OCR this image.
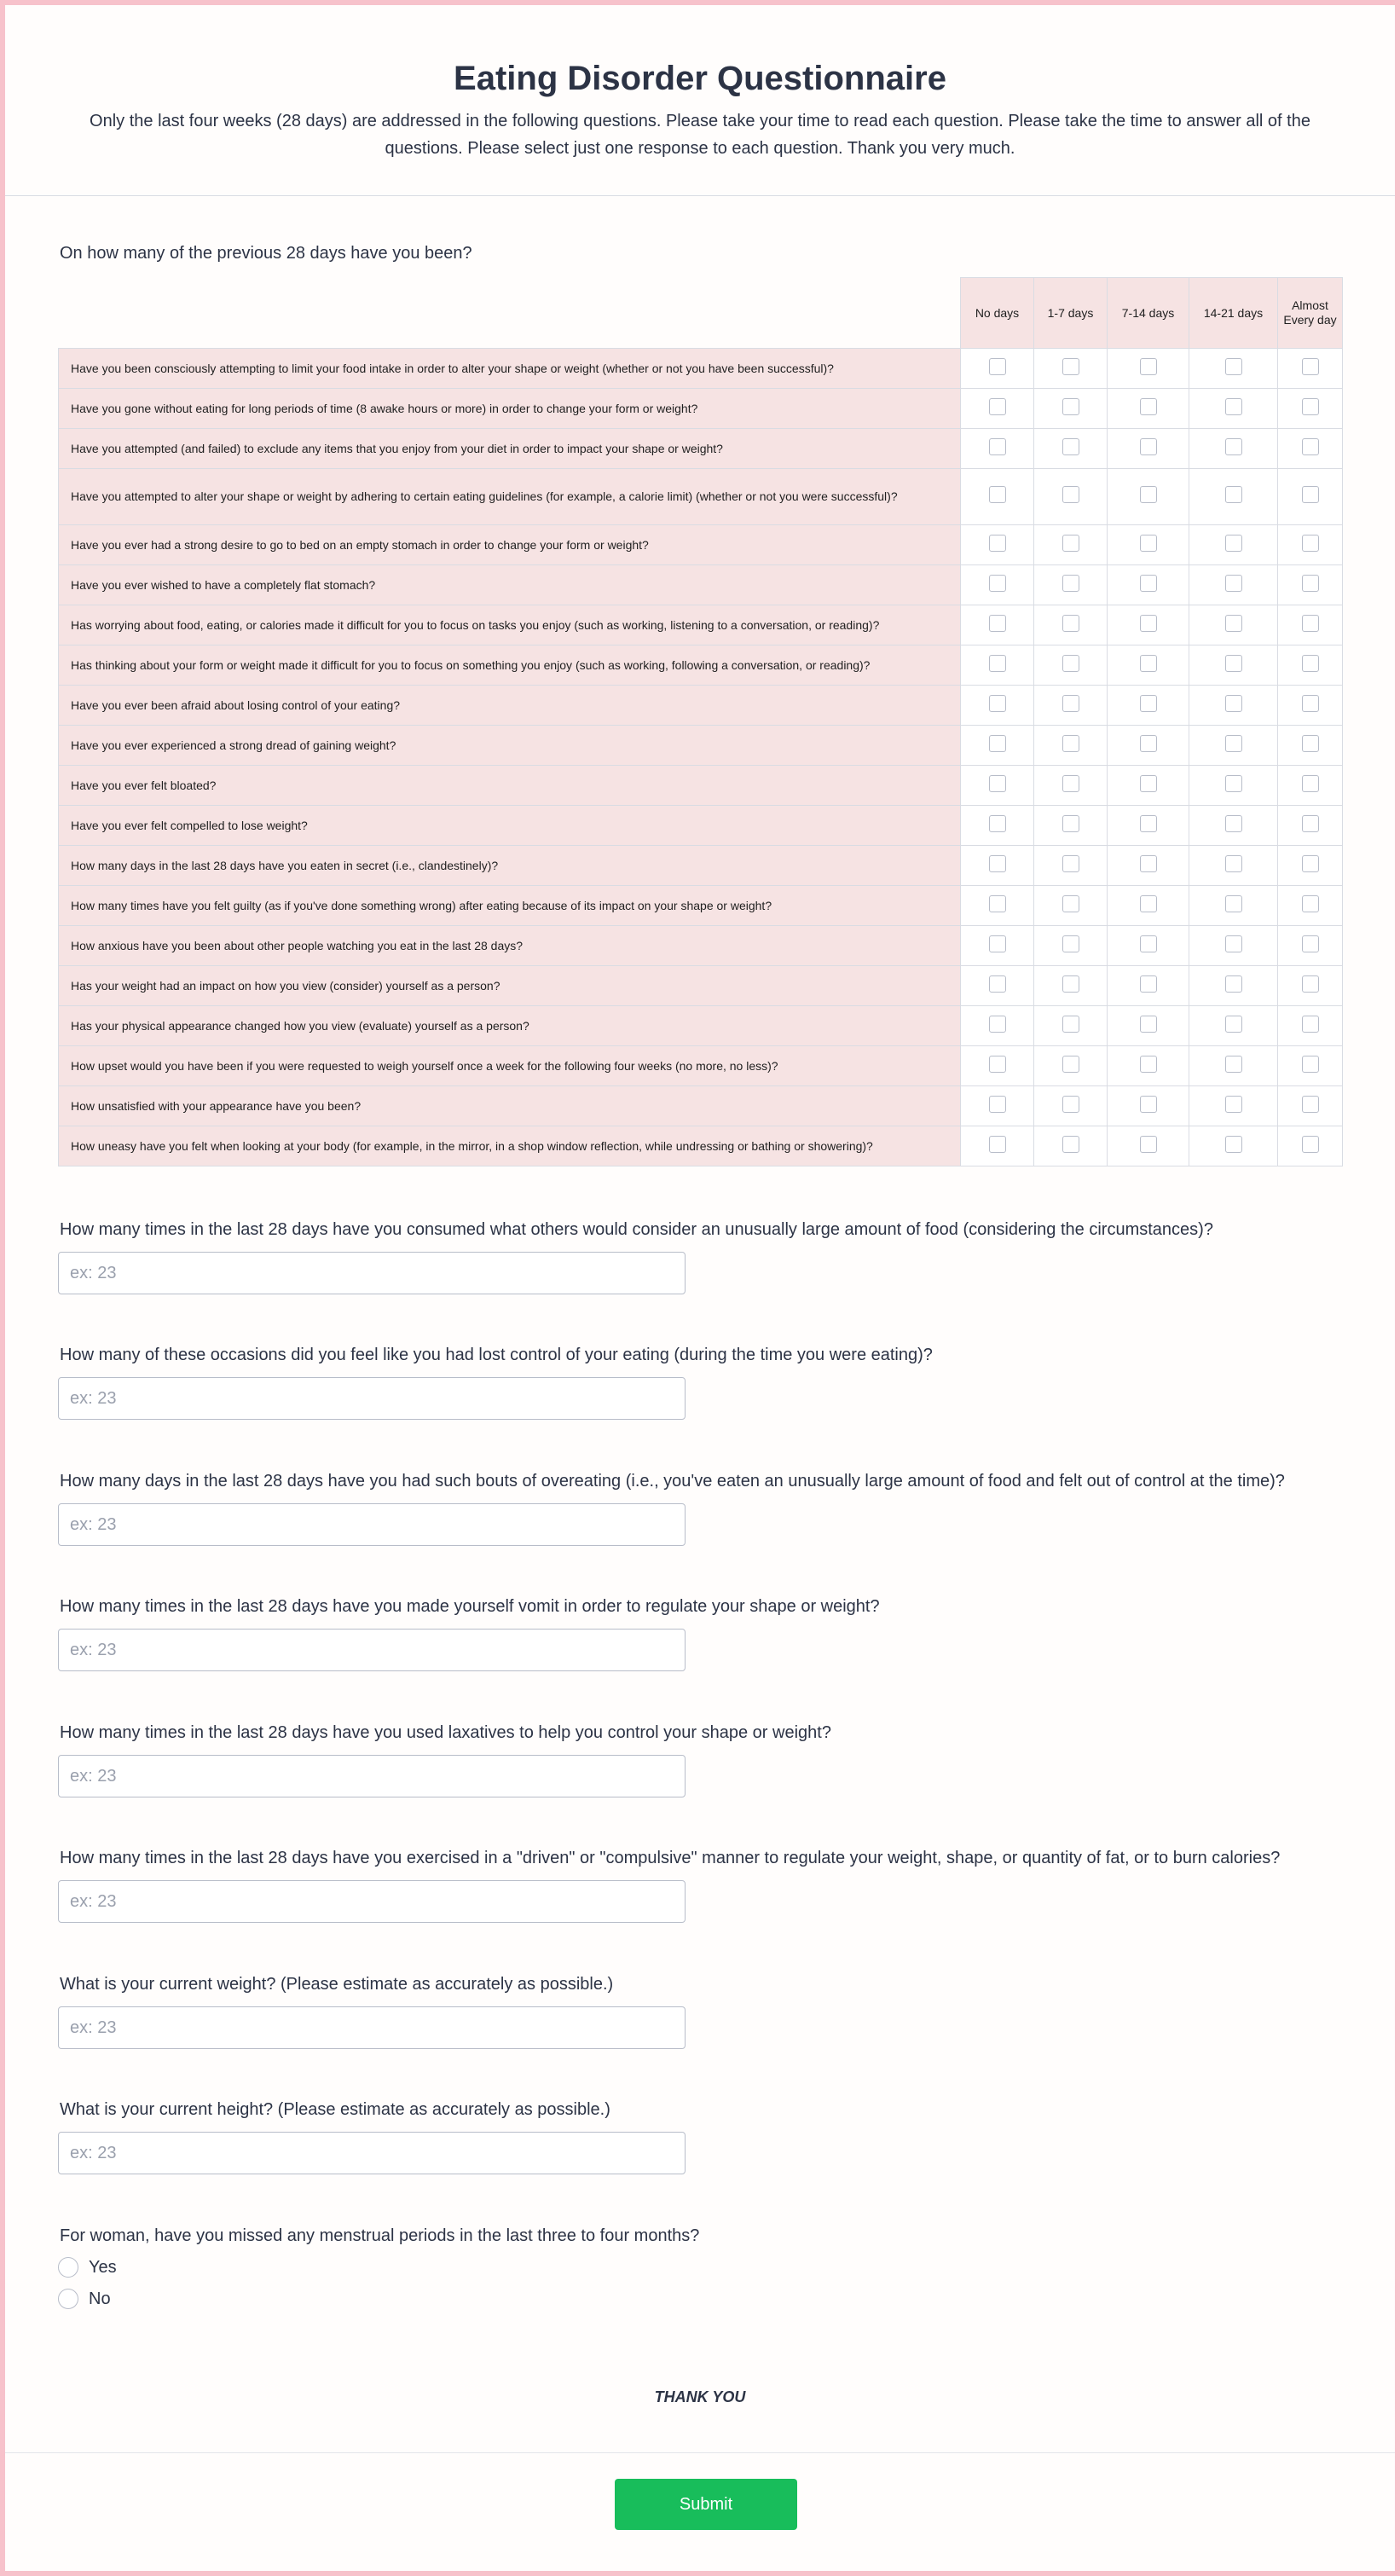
Eating Disorder Questionnaire
Only the last four weeks (28 days) are addressed in the following questions. Please take your time to read each question. Please take the time to answer all of the questions. Please select just one response to each question. Thank you very much.
On how many of the previous 28 days have you been?
	No days	1-7 days	7-14 days	14-21 days	Almost Every day
Have you been consciously attempting to limit your food intake in order to alter your shape or weight (whether or not you have been successful)?					
Have you gone without eating for long periods of time (8 awake hours or more) in order to change your form or weight?					
Have you attempted (and failed) to exclude any items that you enjoy from your diet in order to impact your shape or weight?					
Have you attempted to alter your shape or weight by adhering to certain eating guidelines (for example, a calorie limit) (whether or not you were successful)?					
Have you ever had a strong desire to go to bed on an empty stomach in order to change your form or weight?					
Have you ever wished to have a completely flat stomach?					
Has worrying about food, eating, or calories made it difficult for you to focus on tasks you enjoy (such as working, listening to a conversation, or reading)?					
Has thinking about your form or weight made it difficult for you to focus on something you enjoy (such as working, following a conversation, or reading)?					
Have you ever been afraid about losing control of your eating?					
Have you ever experienced a strong dread of gaining weight?					
Have you ever felt bloated?					
Have you ever felt compelled to lose weight?					
How many days in the last 28 days have you eaten in secret (i.e., clandestinely)?					
How many times have you felt guilty (as if you've done something wrong) after eating because of its impact on your shape or weight?					
How anxious have you been about other people watching you eat in the last 28 days?					
Has your weight had an impact on how you view (consider) yourself as a person?					
Has your physical appearance changed how you view (evaluate) yourself as a person?					
How upset would you have been if you were requested to weigh yourself once a week for the following four weeks (no more, no less)?					
How unsatisfied with your appearance have you been?					
How uneasy have you felt when looking at your body (for example, in the mirror, in a shop window reflection, while undressing or bathing or showering)?					
How many times in the last 28 days have you consumed what others would consider an unusually large amount of food (considering the circumstances)?
ex: 23
How many of these occasions did you feel like you had lost control of your eating (during the time you were eating)?
ex: 23
How many days in the last 28 days have you had such bouts of overeating (i.e., you've eaten an unusually large amount of food and felt out of control at the time)?
ex: 23
How many times in the last 28 days have you made yourself vomit in order to regulate your shape or weight?
ex: 23
How many times in the last 28 days have you used laxatives to help you control your shape or weight?
ex: 23
How many times in the last 28 days have you exercised in a "driven" or "compulsive" manner to regulate your weight, shape, or quantity of fat, or to burn calories?
ex: 23
What is your current weight? (Please estimate as accurately as possible.)
ex: 23
What is your current height? (Please estimate as accurately as possible.)
ex: 23
For woman, have you missed any menstrual periods in the last three to four months?
Yes
No
THANK YOU
Submit
